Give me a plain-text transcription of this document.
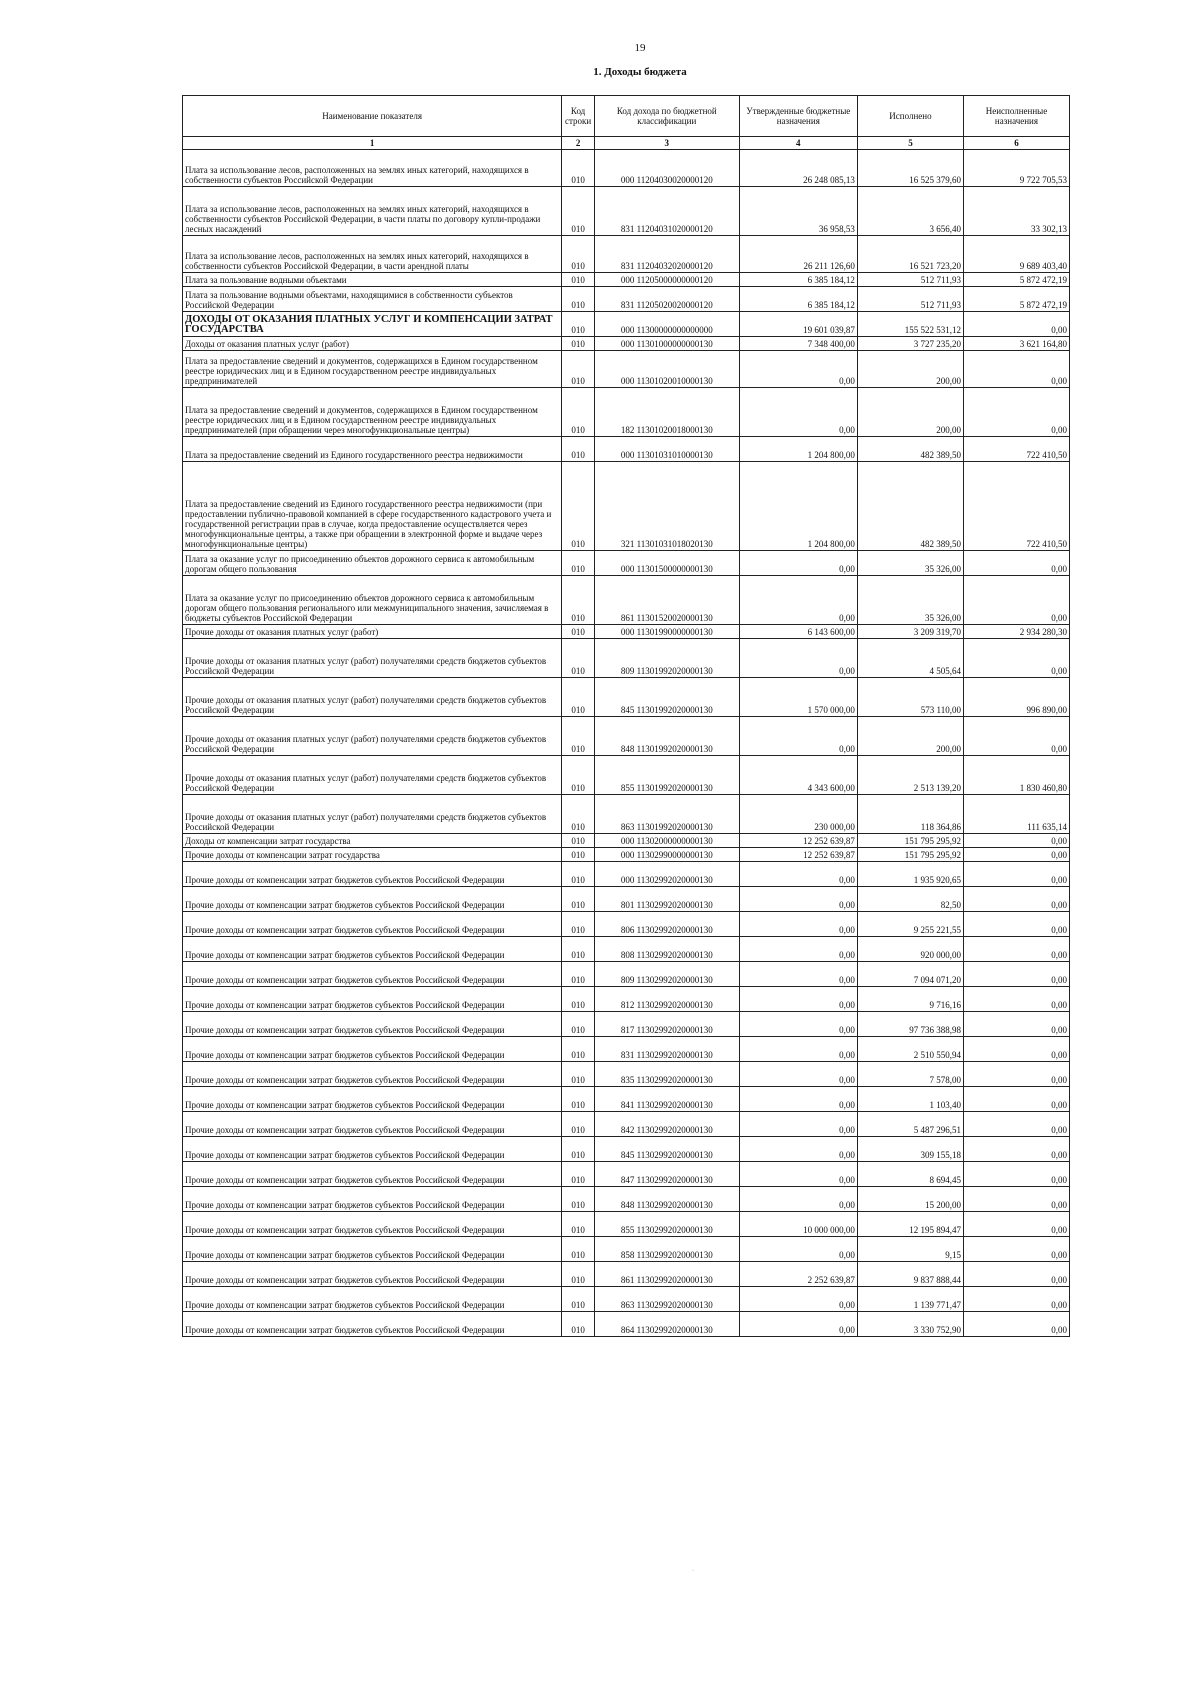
19
1. Доходы бюджета
Наименование показателя	Код строки	Код дохода по бюджетной классификации	Утвержденные бюджетные назначения	Исполнено	Неисполненные назначения
1	2	3	4	5	6
Плата за использование лесов, расположенных на землях иных категорий, находящихся в собственности субъектов Российской Федерации	010	000 11204030020000120	26 248 085,13	16 525 379,60	9 722 705,53
Плата за использование лесов, расположенных на землях иных категорий, находящихся в собственности субъектов Российской Федерации, в части платы по договору купли-продажи лесных насаждений	010	831 11204031020000120	36 958,53	3 656,40	33 302,13
Плата за использование лесов, расположенных на землях иных категорий, находящихся в собственности субъектов Российской Федерации, в части арендной платы	010	831 11204032020000120	26 211 126,60	16 521 723,20	9 689 403,40
Плата за пользование водными объектами	010	000 11205000000000120	6 385 184,12	512 711,93	5 872 472,19
Плата за пользование водными объектами, находящимися в собственности субъектов Российской Федерации	010	831 11205020020000120	6 385 184,12	512 711,93	5 872 472,19
ДОХОДЫ ОТ ОКАЗАНИЯ ПЛАТНЫХ УСЛУГ И КОМПЕНСАЦИИ ЗАТРАТ ГОСУДАРСТВА	010	000 11300000000000000	19 601 039,87	155 522 531,12	0,00
Доходы от оказания платных услуг (работ)	010	000 11301000000000130	7 348 400,00	3 727 235,20	3 621 164,80
Плата за предоставление сведений и документов, содержащихся в Едином государственном реестре юридических лиц и в Едином государственном реестре индивидуальных предпринимателей	010	000 11301020010000130	0,00	200,00	0,00
Плата за предоставление сведений и документов, содержащихся в Едином государственном реестре юридических лиц и в Едином государственном реестре индивидуальных предпринимателей (при обращении через многофункциональные центры)	010	182 11301020018000130	0,00	200,00	0,00
Плата за предоставление сведений из Единого государственного реестра недвижимости	010	000 11301031010000130	1 204 800,00	482 389,50	722 410,50
Плата за предоставление сведений из Единого государственного реестра недвижимости (при предоставлении публично-правовой компанией в сфере государственного кадастрового учета и государственной регистрации прав в случае, когда предоставление осуществляется через многофункциональные центры, а также при обращении в электронной форме и выдаче через многофункциональные центры)	010	321 11301031018020130	1 204 800,00	482 389,50	722 410,50
Плата за оказание услуг по присоединению объектов дорожного сервиса к автомобильным дорогам общего пользования	010	000 11301500000000130	0,00	35 326,00	0,00
Плата за оказание услуг по присоединению объектов дорожного сервиса к автомобильным дорогам общего пользования регионального или межмуниципального значения, зачисляемая в бюджеты субъектов Российской Федерации	010	861 11301520020000130	0,00	35 326,00	0,00
Прочие доходы от оказания платных услуг (работ)	010	000 11301990000000130	6 143 600,00	3 209 319,70	2 934 280,30
Прочие доходы от оказания платных услуг (работ) получателями средств бюджетов субъектов Российской Федерации	010	809 11301992020000130	0,00	4 505,64	0,00
Прочие доходы от оказания платных услуг (работ) получателями средств бюджетов субъектов Российской Федерации	010	845 11301992020000130	1 570 000,00	573 110,00	996 890,00
Прочие доходы от оказания платных услуг (работ) получателями средств бюджетов субъектов Российской Федерации	010	848 11301992020000130	0,00	200,00	0,00
Прочие доходы от оказания платных услуг (работ) получателями средств бюджетов субъектов Российской Федерации	010	855 11301992020000130	4 343 600,00	2 513 139,20	1 830 460,80
Прочие доходы от оказания платных услуг (работ) получателями средств бюджетов субъектов Российской Федерации	010	863 11301992020000130	230 000,00	118 364,86	111 635,14
Доходы от компенсации затрат государства	010	000 11302000000000130	12 252 639,87	151 795 295,92	0,00
Прочие доходы от компенсации затрат государства	010	000 11302990000000130	12 252 639,87	151 795 295,92	0,00
Прочие доходы от компенсации затрат бюджетов субъектов Российской Федерации	010	000 11302992020000130	0,00	1 935 920,65	0,00
Прочие доходы от компенсации затрат бюджетов субъектов Российской Федерации	010	801 11302992020000130	0,00	82,50	0,00
Прочие доходы от компенсации затрат бюджетов субъектов Российской Федерации	010	806 11302992020000130	0,00	9 255 221,55	0,00
Прочие доходы от компенсации затрат бюджетов субъектов Российской Федерации	010	808 11302992020000130	0,00	920 000,00	0,00
Прочие доходы от компенсации затрат бюджетов субъектов Российской Федерации	010	809 11302992020000130	0,00	7 094 071,20	0,00
Прочие доходы от компенсации затрат бюджетов субъектов Российской Федерации	010	812 11302992020000130	0,00	9 716,16	0,00
Прочие доходы от компенсации затрат бюджетов субъектов Российской Федерации	010	817 11302992020000130	0,00	97 736 388,98	0,00
Прочие доходы от компенсации затрат бюджетов субъектов Российской Федерации	010	831 11302992020000130	0,00	2 510 550,94	0,00
Прочие доходы от компенсации затрат бюджетов субъектов Российской Федерации	010	835 11302992020000130	0,00	7 578,00	0,00
Прочие доходы от компенсации затрат бюджетов субъектов Российской Федерации	010	841 11302992020000130	0,00	1 103,40	0,00
Прочие доходы от компенсации затрат бюджетов субъектов Российской Федерации	010	842 11302992020000130	0,00	5 487 296,51	0,00
Прочие доходы от компенсации затрат бюджетов субъектов Российской Федерации	010	845 11302992020000130	0,00	309 155,18	0,00
Прочие доходы от компенсации затрат бюджетов субъектов Российской Федерации	010	847 11302992020000130	0,00	8 694,45	0,00
Прочие доходы от компенсации затрат бюджетов субъектов Российской Федерации	010	848 11302992020000130	0,00	15 200,00	0,00
Прочие доходы от компенсации затрат бюджетов субъектов Российской Федерации	010	855 11302992020000130	10 000 000,00	12 195 894,47	0,00
Прочие доходы от компенсации затрат бюджетов субъектов Российской Федерации	010	858 11302992020000130	0,00	9,15	0,00
Прочие доходы от компенсации затрат бюджетов субъектов Российской Федерации	010	861 11302992020000130	2 252 639,87	9 837 888,44	0,00
Прочие доходы от компенсации затрат бюджетов субъектов Российской Федерации	010	863 11302992020000130	0,00	1 139 771,47	0,00
Прочие доходы от компенсации затрат бюджетов субъектов Российской Федерации	010	864 11302992020000130	0,00	3 330 752,90	0,00
·
